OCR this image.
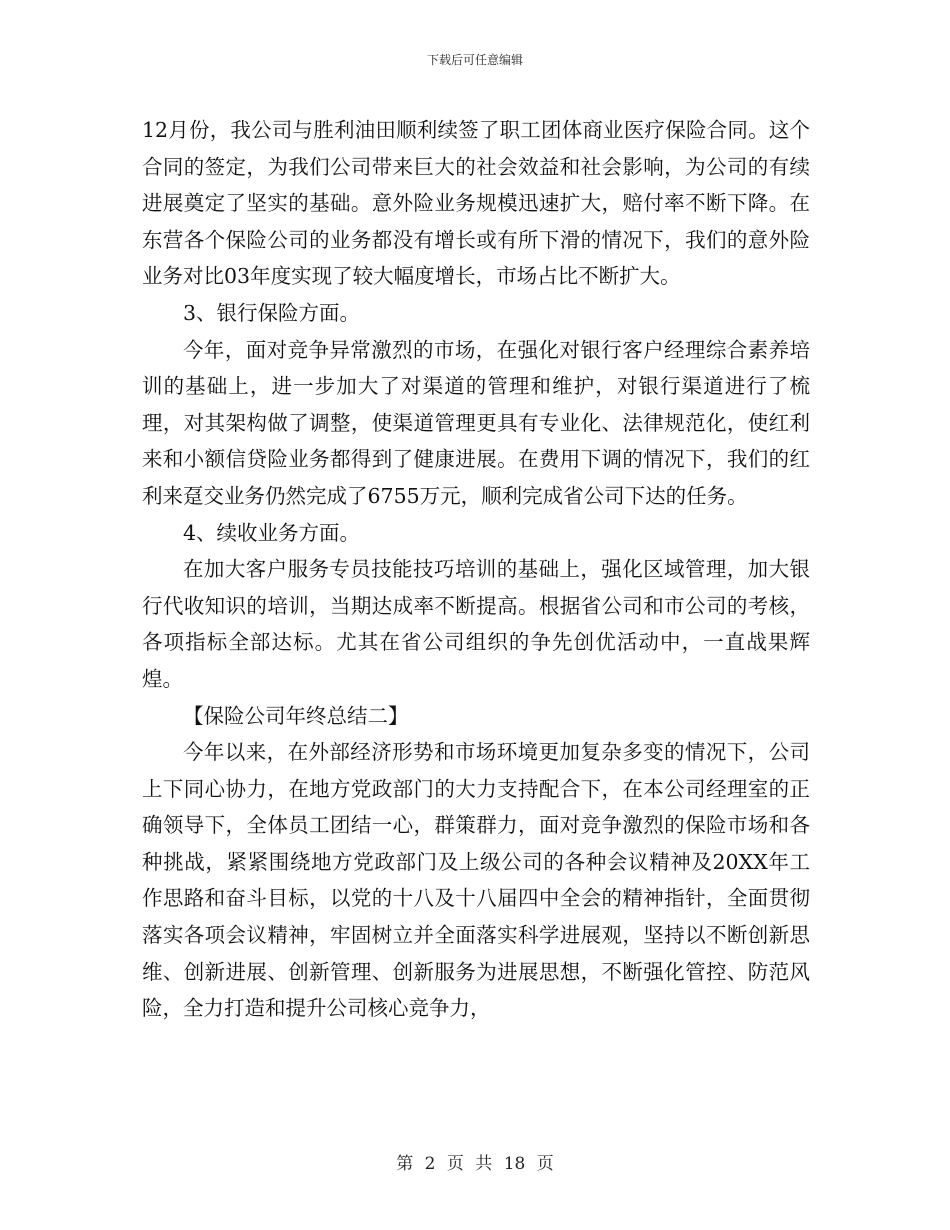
下载后可任意编辑

12月份，我公司与胜利油田顺利续签了职工团体商业医疗保险合同。这个合同的签定，为我们公司带来巨大的社会效益和社会影响，为公司的有续进展奠定了坚实的基础。意外险业务规模迅速扩大，赔付率不断下降。在东营各个保险公司的业务都没有增长或有所下滑的情况下，我们的意外险业务对比03年度实现了较大幅度增长，市场占比不断扩大。

3、银行保险方面。

今年，面对竞争异常激烈的市场，在强化对银行客户经理综合素养培训的基础上，进一步加大了对渠道的管理和维护，对银行渠道进行了梳理，对其架构做了调整，使渠道管理更具有专业化、法律规范化，使红利来和小额信贷险业务都得到了健康进展。在费用下调的情况下，我们的红利来趸交业务仍然完成了6755万元，顺利完成省公司下达的任务。

4、续收业务方面。

在加大客户服务专员技能技巧培训的基础上，强化区域管理，加大银行代收知识的培训，当期达成率不断提高。根据省公司和市公司的考核，各项指标全部达标。尤其在省公司组织的争先创优活动中，一直战果辉煌。

【保险公司年终总结二】

今年以来，在外部经济形势和市场环境更加复杂多变的情况下，公司上下同心协力，在地方党政部门的大力支持配合下，在本公司经理室的正确领导下，全体员工团结一心，群策群力，面对竞争激烈的保险市场和各种挑战，紧紧围绕地方党政部门及上级公司的各种会议精神及20XX年工作思路和奋斗目标，以党的十八及十八届四中全会的精神指针，全面贯彻落实各项会议精神，牢固树立并全面落实科学进展观，坚持以不断创新思维、创新进展、创新管理、创新服务为进展思想，不断强化管控、防范风险，全力打造和提升公司核心竞争力，

第 2 页 共 18 页
